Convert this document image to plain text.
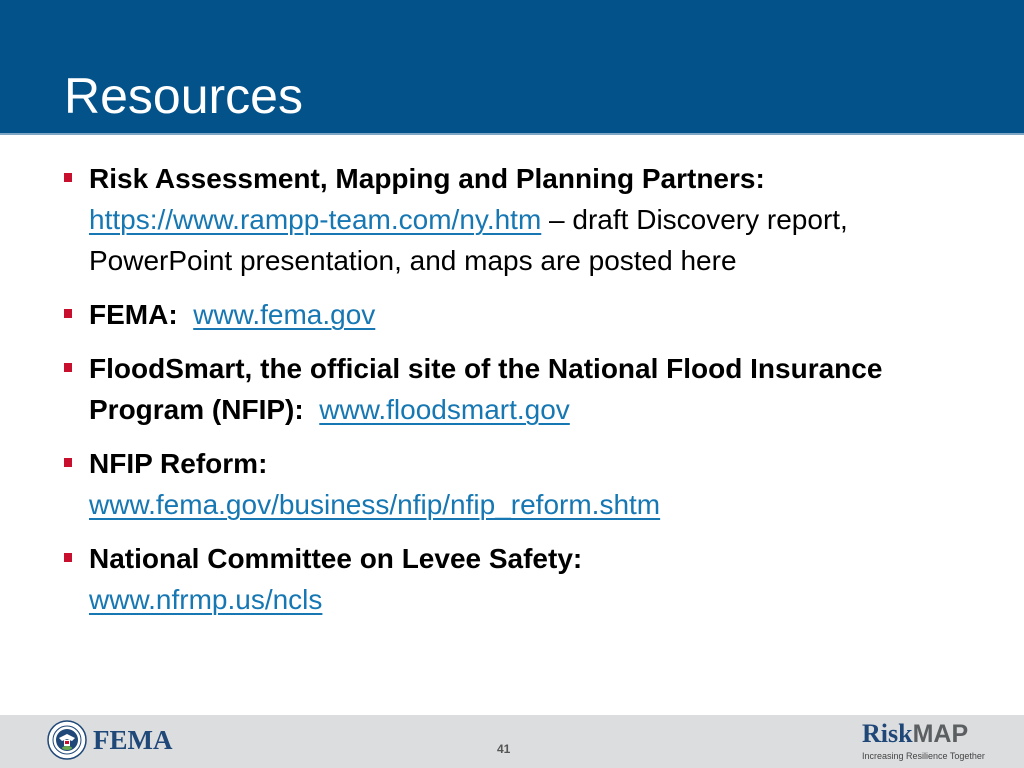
Resources
Risk Assessment, Mapping and Planning Partners:
https://www.rampp-team.com/ny.htm – draft Discovery report, PowerPoint presentation, and maps are posted here
FEMA: www.fema.gov
FloodSmart, the official site of the National Flood Insurance Program (NFIP): www.floodsmart.gov
NFIP Reform:
www.fema.gov/business/nfip/nfip_reform.shtm
National Committee on Levee Safety:
www.nfrmp.us/ncls
FEMA	41
RiskMAP
Increasing Resilience Together
